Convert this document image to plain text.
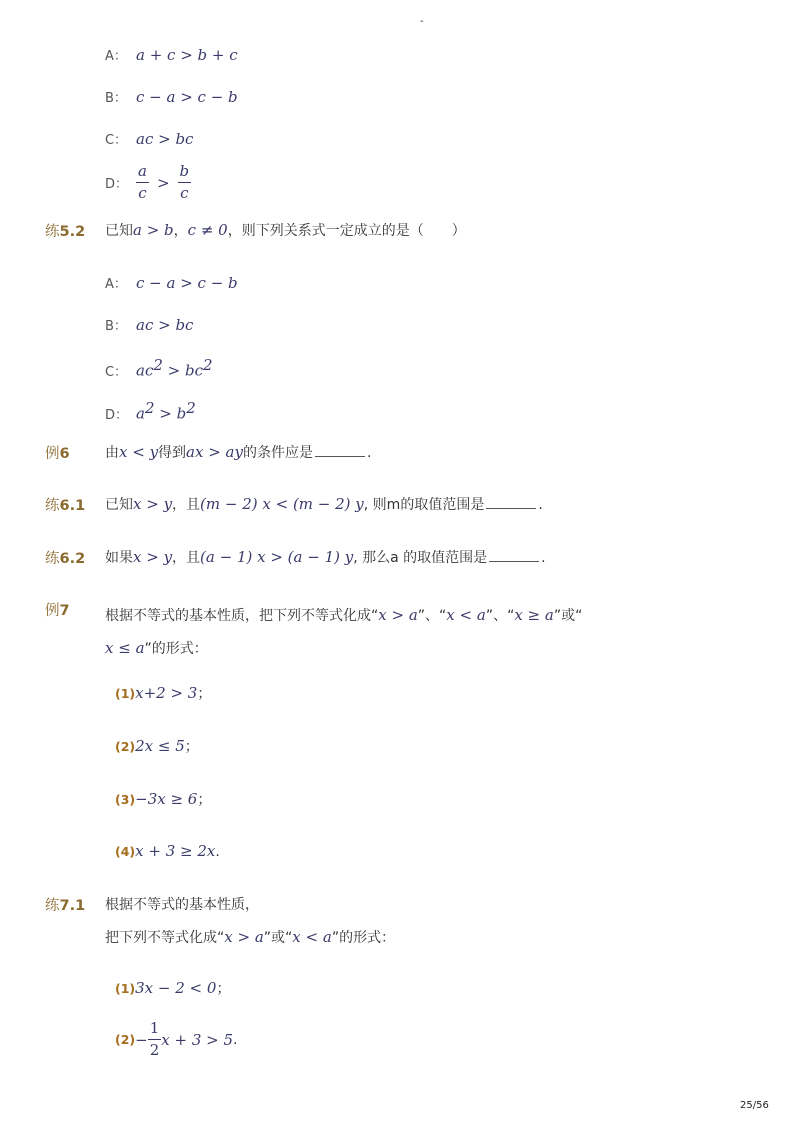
-
A： a + c > b + c
B： c − a > c − b
C： ac > bc
D： $\frac{a}{c} > \frac{b}{c}$
练5.2 已知a > b，c ≠ 0，则下列关系式一定成立的是（　　）
A： c − a > c − b
B： ac > bc
C： $ac^2 > bc^2$
D： $a^2 > b^2$
例6	由x < y得到ax > ay的条件应是	.
练6.1 已知x > y，且(m − 2) x < (m − 2) y, 则m的取值范围是	.
练6.2 如果x > y，且(a − 1) x > (a − 1) y, 那么a 的取值范围是	.
例7	根据不等式的基本性质，把下列不等式化成“x > a”、“x < a”、“x ≥ a”或“
x ≤ a”的形式：
(1)x+2 > 3；
(2)2x ≤ 5；
(3)−3x ≥ 6；
(4)x + 3 ≥ 2x.
练7.1 根据不等式的基本性质，
把下列不等式化成“x > a”或“x < a”的形式：
(1)3x − 2 < 0；
$(2) - \frac{1}{2}$ x + 3 > 5 .
25/56
